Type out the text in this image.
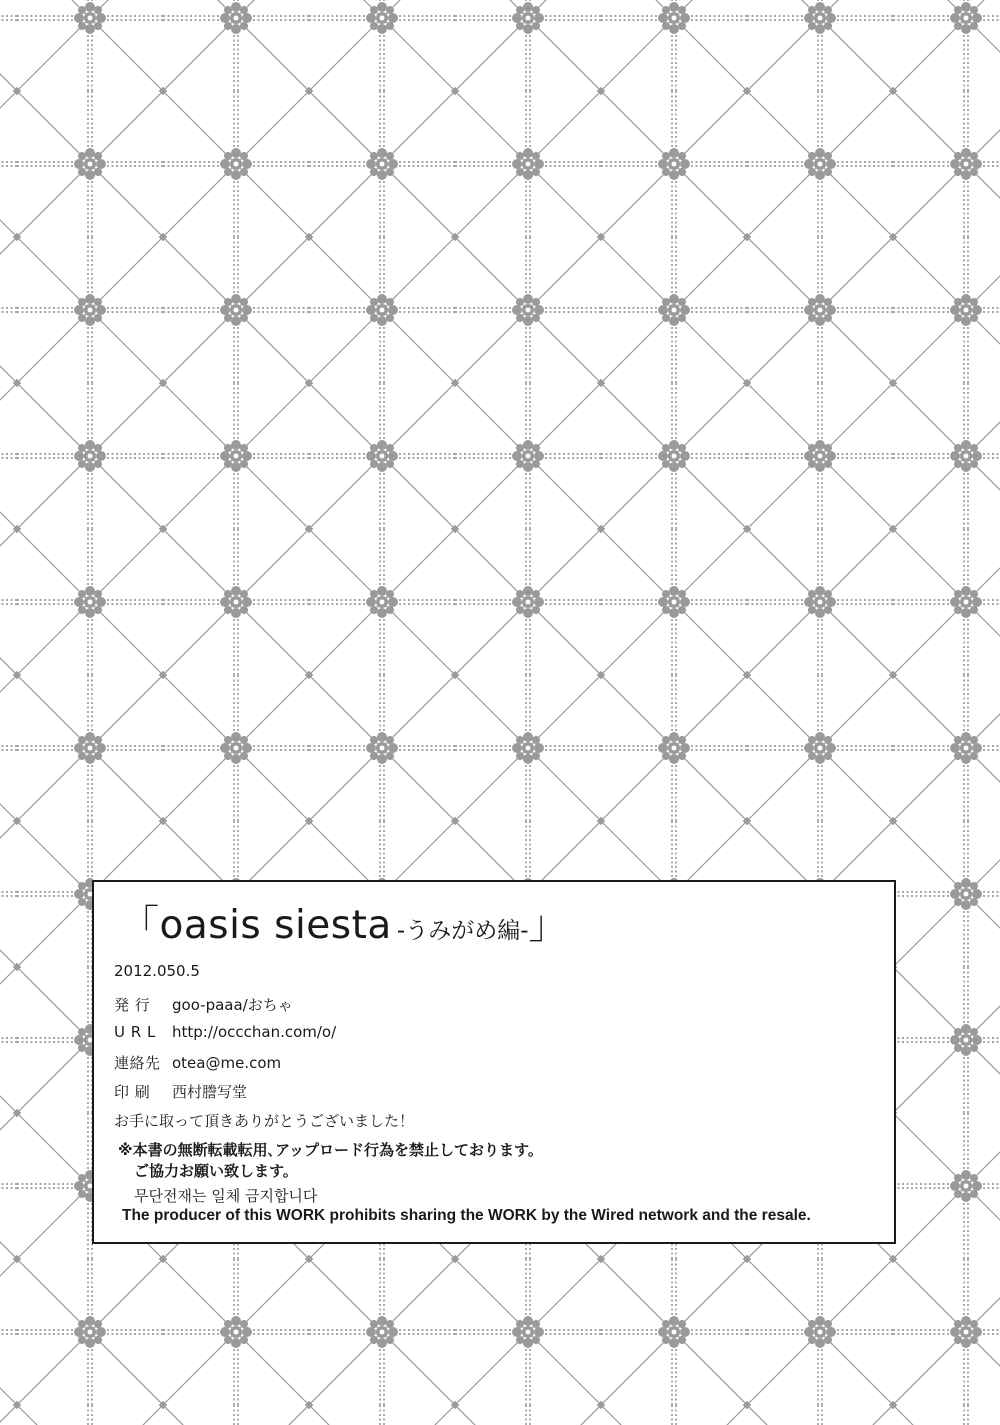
「oasis siesta -うみがめ編-」
2012.050.5
発 行 goo-paaa/おちゃ
U R L http://occchan.com/o/
連絡先 otea@me.com
印 刷 西村謄写堂
お手に取って頂きありがとうございました！
※本書の無断転載転用､アップロード行為を禁止しております。
ご協力お願い致します。
무단전재는 일체 금지합니다
The producer of this WORK prohibits sharing the WORK by the Wired network and the resale.
